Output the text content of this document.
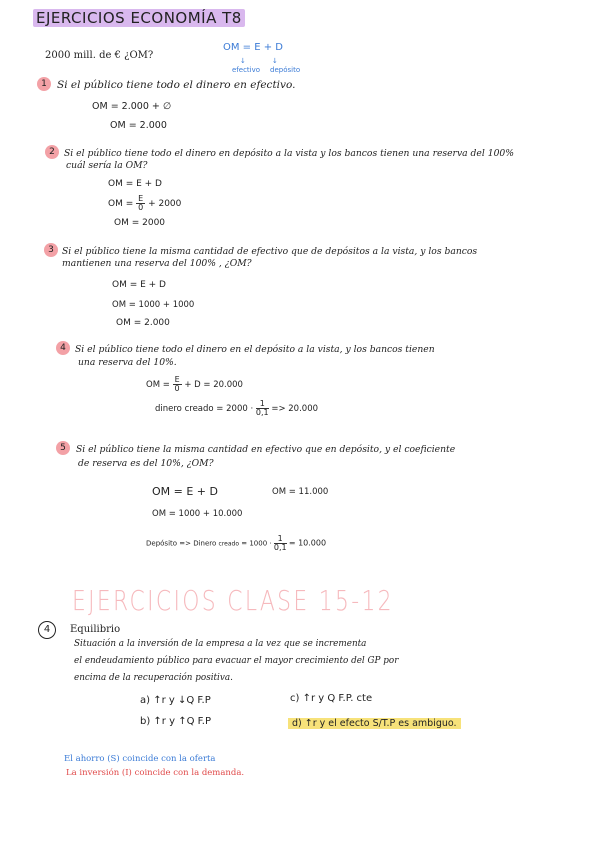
EJERCICIOS ECONOMÍA T8
2000 mill. de € ¿OM?
OM = E + D
↓	↓
efectivo depósito
1 Si el público tiene todo el dinero en efectivo.
OM = 2.000 + ∅
OM = 2.000
2 Si el público tiene todo el dinero en depósito a la vista y los bancos tienen una reserva del 100%
cuál sería la OM?
OM = E + D
OM = $\frac{E}{0} + 2000$
OM = 2000
3 Si el público tiene la misma cantidad de efectivo que de depósitos a la vista, y los bancos
mantienen una reserva del 100% , ¿OM?
OM = E + D
OM = 1000 + 1000
OM = 2.000
4 Si el público tiene todo el dinero en el depósito a la vista, y los bancos tienen
una reserva del 10%.
OM = $\frac{E}{0} + D = 20.000$
dinero creado = $2000 \cdot \frac{1}{0,1} => 20.000$
5	Si el público tiene la misma cantidad en efectivo que en depósito, y el coeficiente
de reserva es del 10%, ¿OM?
OM = E + D	OM = 11.000
OM = 1000 + 10.000
Depósito => Dinero creado = $1000 \cdot \frac{1}{0,1} = 10.000$
EJERCICIOS CLASE 15-12
4	Equilibrio
Situación a la inversión de la empresa a la vez que se incrementa
el endeudamiento público para evacuar el mayor crecimiento del GP por
encima de la recuperación positiva.
a) ↑r y ↓Q F.P	c) ↑r y Q F.P. cte
b) ↑r y ↑Q F.P	d) ↑r y el efecto S/T.P es ambiguo.
El ahorro (S) coincide con la oferta
La inversión (I) coincide con la demanda.
